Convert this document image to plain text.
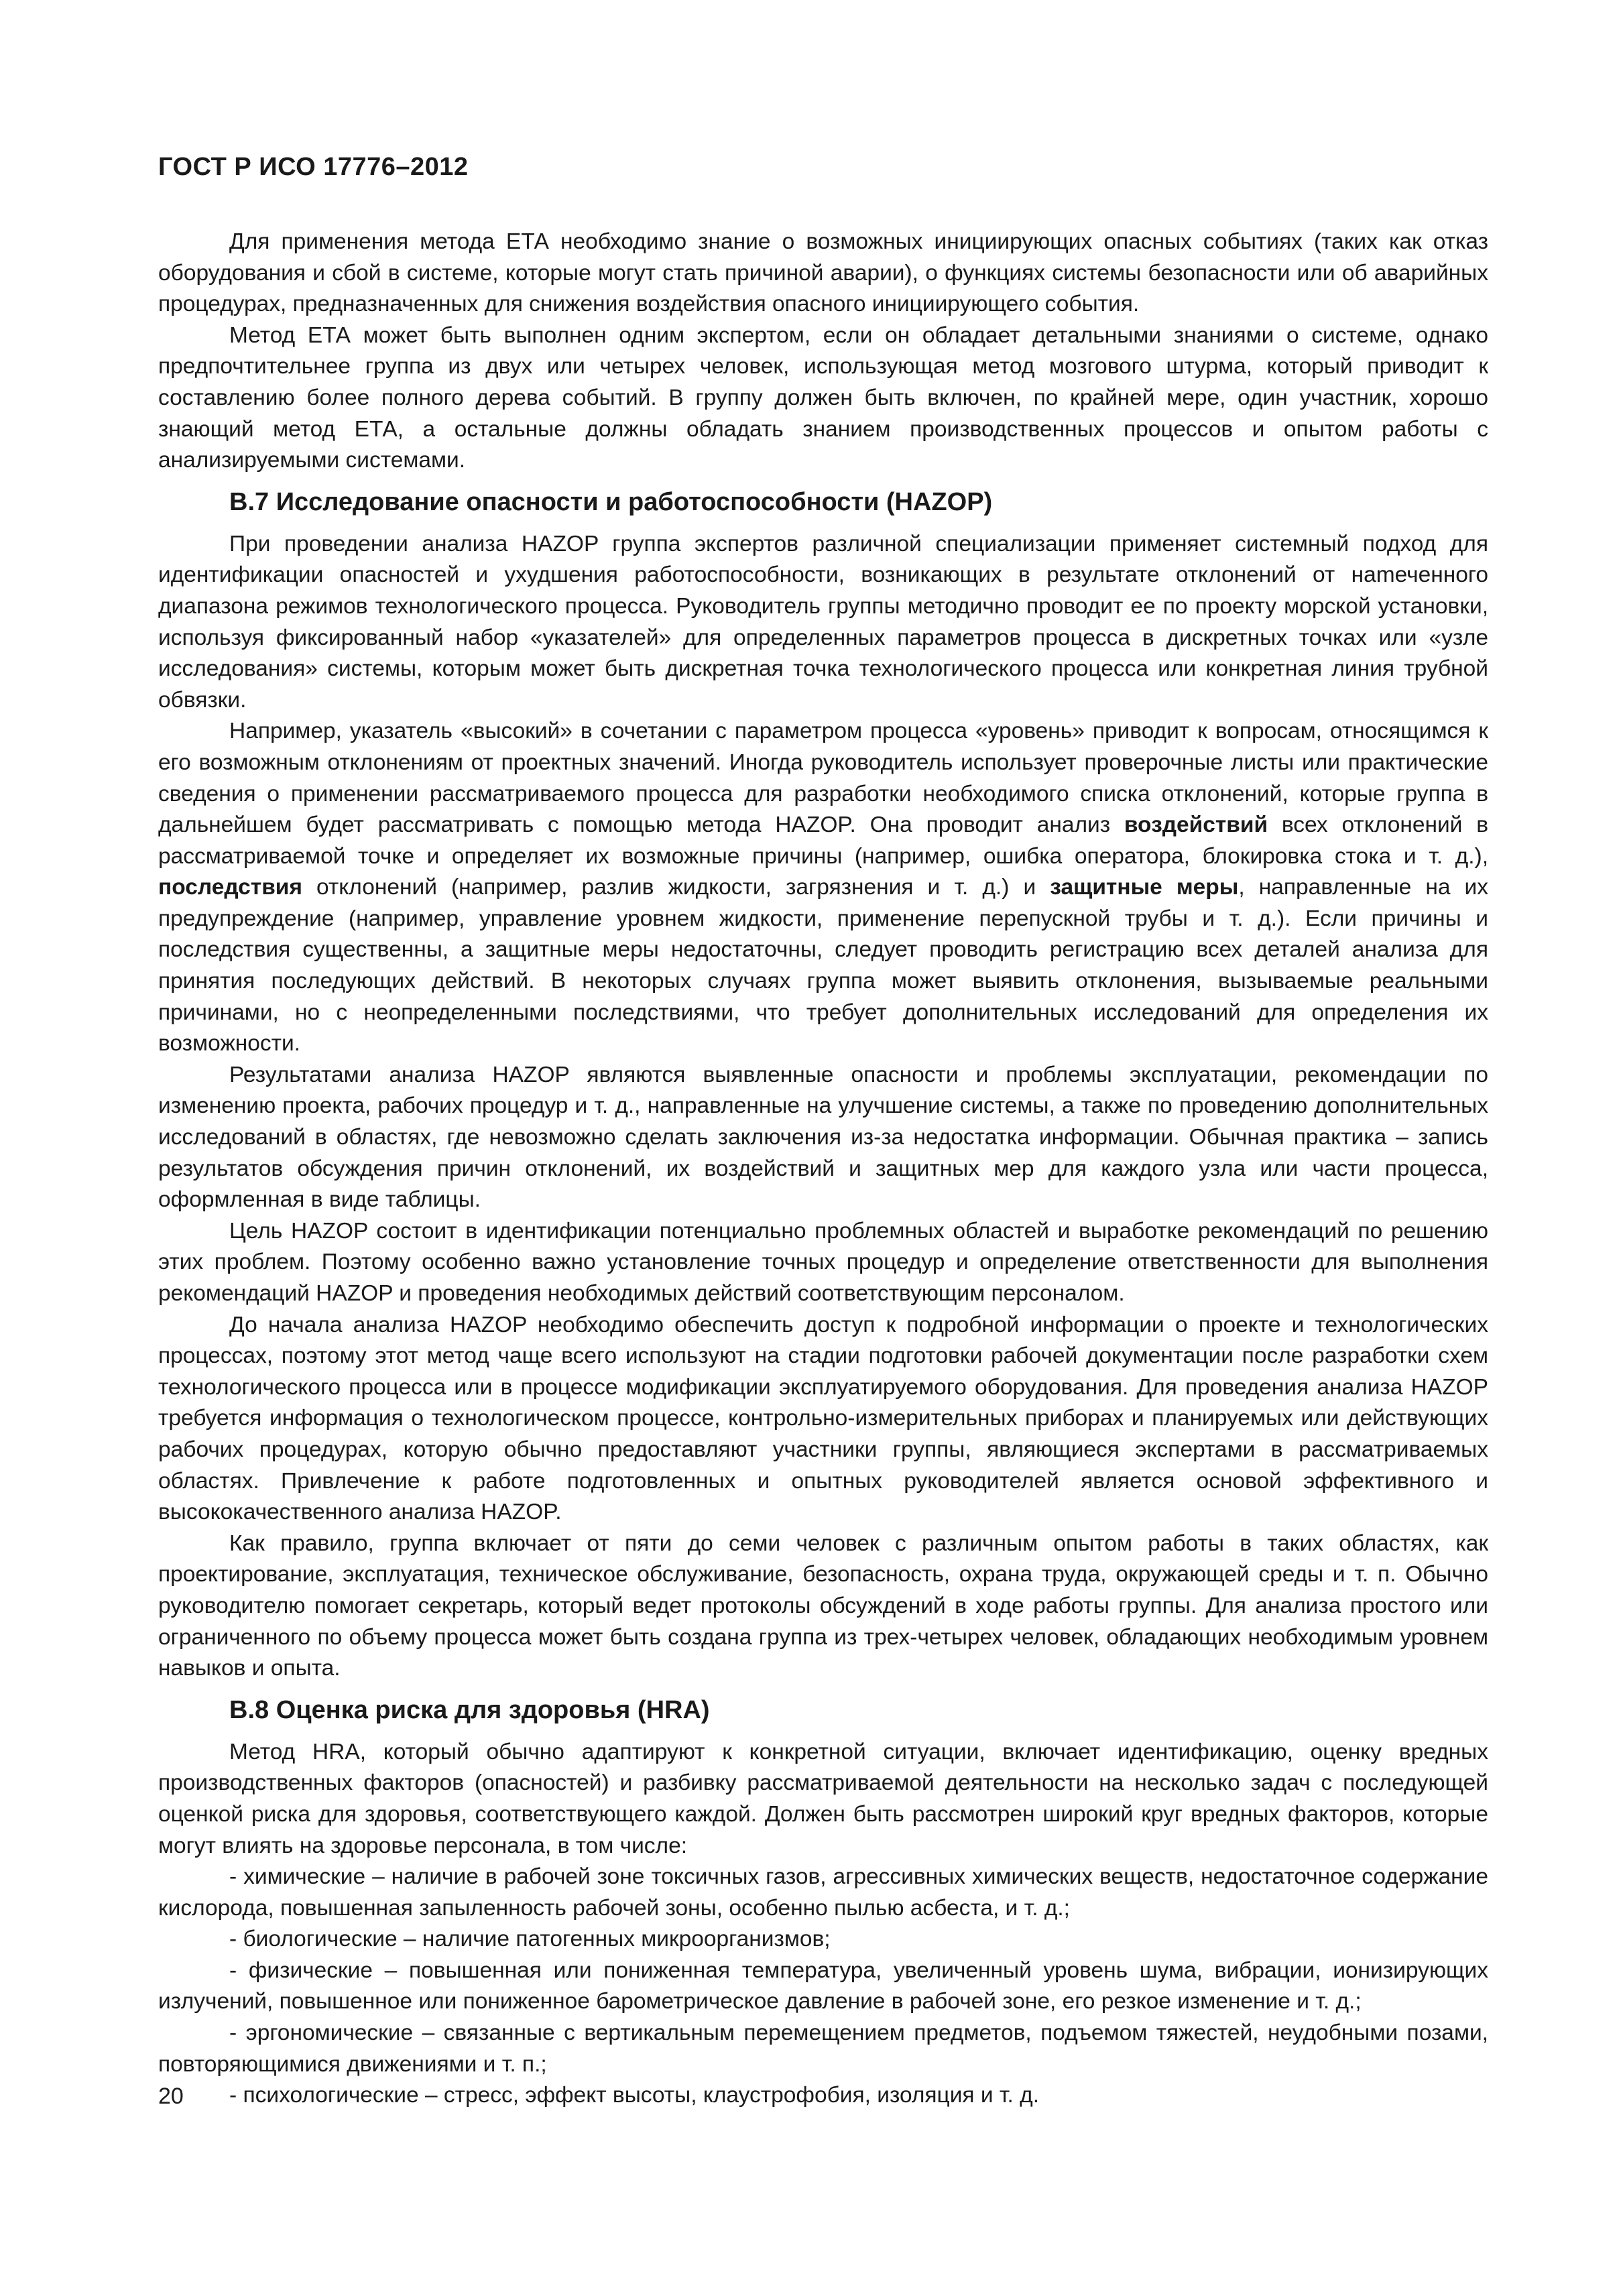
ГОСТ Р ИСО 17776–2012

Для применения метода ЕТА необходимо знание о возможных инициирующих опасных событиях (таких как отказ оборудования и сбой в системе, которые могут стать причиной аварии), о функциях системы безопасности или об аварийных процедурах, предназначенных для снижения воздействия опасного инициирующего события.

Метод ЕТА может быть выполнен одним экспертом, если он обладает детальными знаниями о системе, однако предпочтительнее группа из двух или четырех человек, использующая метод мозгового штурма, который приводит к составлению более полного дерева событий. В группу должен быть включен, по крайней мере, один участник, хорошо знающий метод ЕТА, а остальные должны обладать знанием производственных процессов и опытом работы с анализируемыми системами.

В.7 Исследование опасности и работоспособности (HAZOP)

При проведении анализа HAZOP группа экспертов различной специализации применяет системный подход для идентификации опасностей и ухудшения работоспособности, возникающих в результате отклонений от наmеченного диапазона режимов технологического процесса. Руководитель группы методично проводит ее по проекту морской установки, используя фиксированный набор «указателей» для определенных параметров процесса в дискретных точках или «узле исследования» системы, которым может быть дискретная точка технологического процесса или конкретная линия трубной обвязки.

Например, указатель «высокий» в сочетании с параметром процесса «уровень» приводит к вопросам, относящимся к его возможным отклонениям от проектных значений. Иногда руководитель использует проверочные листы или практические сведения о применении рассматриваемого процесса для разработки необходимого списка отклонений, которые группа в дальнейшем будет рассматривать с помощью метода HAZOP. Она проводит анализ воздействий всех отклонений в рассматриваемой точке и определяет их возможные причины (например, ошибка оператора, блокировка стока и т. д.), последствия отклонений (например, разлив жидкости, загрязнения и т. д.) и защитные меры, направленные на их предупреждение (например, управление уровнем жидкости, применение перепускной трубы и т. д.). Если причины и последствия существенны, а защитные меры недостаточны, следует проводить регистрацию всех деталей анализа для принятия последующих действий. В некоторых случаях группа может выявить отклонения, вызываемые реальными причинами, но с неопределенными последствиями, что требует дополнительных исследований для определения их возможности.

Результатами анализа HAZOP являются выявленные опасности и проблемы эксплуатации, рекомендации по изменению проекта, рабочих процедур и т. д., направленные на улучшение системы, а также по проведению дополнительных исследований в областях, где невозможно сделать заключения из-за недостатка информации. Обычная практика – запись результатов обсуждения причин отклонений, их воздействий и защитных мер для каждого узла или части процесса, оформленная в виде таблицы.

Цель HAZOP состоит в идентификации потенциально проблемных областей и выработке рекомендаций по решению этих проблем. Поэтому особенно важно установление точных процедур и определение ответственности для выполнения рекомендаций HAZOP и проведения необходимых действий соответствующим персоналом.

До начала анализа HAZOP необходимо обеспечить доступ к подробной информации о проекте и технологических процессах, поэтому этот метод чаще всего используют на стадии подготовки рабочей документации после разработки схем технологического процесса или в процессе модификации эксплуатируемого оборудования. Для проведения анализа HAZOP требуется информация о технологическом процессе, контрольно-измерительных приборах и планируемых или действующих рабочих процедурах, которую обычно предоставляют участники группы, являющиеся экспертами в рассматриваемых областях. Привлечение к работе подготовленных и опытных руководителей является основой эффективного и высококачественного анализа HAZOP.

Как правило, группа включает от пяти до семи человек с различным опытом работы в таких областях, как проектирование, эксплуатация, техническое обслуживание, безопасность, охрана труда, окружающей среды и т. п. Обычно руководителю помогает секретарь, который ведет протоколы обсуждений в ходе работы группы. Для анализа простого или ограниченного по объему процесса может быть создана группа из трех-четырех человек, обладающих необходимым уровнем навыков и опыта.

В.8 Оценка риска для здоровья (HRA)

Метод HRA, который обычно адаптируют к конкретной ситуации, включает идентификацию, оценку вредных производственных факторов (опасностей) и разбивку рассматриваемой деятельности на несколько задач с последующей оценкой риска для здоровья, соответствующего каждой. Должен быть рассмотрен широкий круг вредных факторов, которые могут влиять на здоровье персонала, в том числе:

- химические – наличие в рабочей зоне токсичных газов, агрессивных химических веществ, недостаточное содержание кислорода, повышенная запыленность рабочей зоны, особенно пылью асбеста, и т. д.;

- биологические – наличие патогенных микроорганизмов;

- физические – повышенная или пониженная температура, увеличенный уровень шума, вибрации, ионизирующих излучений, повышенное или пониженное барометрическое давление в рабочей зоне, его резкое изменение и т. д.;

- эргономические – связанные с вертикальным перемещением предметов, подъемом тяжестей, неудобными позами, повторяющимися движениями и т. п.;

- психологические – стресс, эффект высоты, клаустрофобия, изоляция и т. д.

20
